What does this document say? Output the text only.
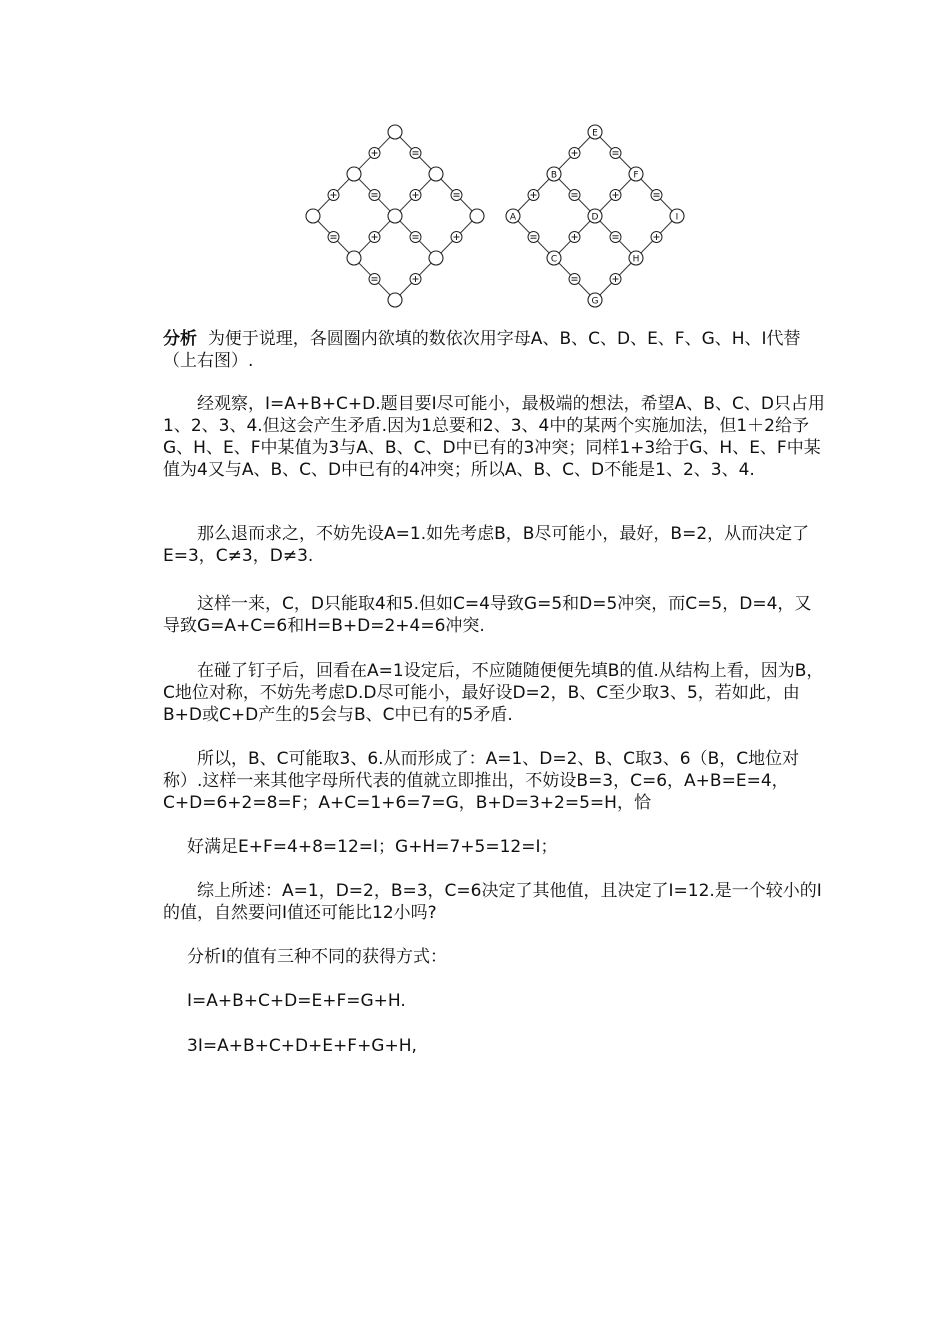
E
B
A
F
D
C
I
H
G

分析 为便于说理，各圆圈内欲填的数依次用字母A、B、C、D、E、F、G、H、I代替（上右图）.

经观察，I=A+B+C+D.题目要I尽可能小，最极端的想法，希望A、B、C、D只占用1、2、3、4.但这会产生矛盾.因为1总要和2、3、4中的某两个实施加法，但1＋2给予G、H、E、F中某值为3与A、B、C、D中已有的3冲突；同样1+3给于G、H、E、F中某值为4又与A、B、C、D中已有的4冲突；所以A、B、C、D不能是1、2、3、4.

那么退而求之，不妨先设A=1.如先考虑B，B尽可能小，最好，B=2，从而决定了E=3，C≠3，D≠3.

这样一来，C，D只能取4和5.但如C=4导致G=5和D=5冲突，而C=5，D=4，又导致G=A+C=6和H=B+D=2+4=6冲突.

在碰了钉子后，回看在A=1设定后，不应随随便便先填B的值.从结构上看，因为B，C地位对称，不妨先考虑D.D尽可能小，最好设D=2，B、C至少取3、5，若如此，由B+D或C+D产生的5会与B、C中已有的5矛盾.

所以，B、C可能取3、6.从而形成了：A=1、D=2、B、C取3、6（B，C地位对称）.这样一来其他字母所代表的值就立即推出，不妨设B=3，C=6，A+B=E=4，C+D=6+2=8=F；A+C=1+6=7=G，B+D=3+2=5=H，恰

好满足E+F=4+8=12=I；G+H=7+5=12=I；

综上所述：A=1，D=2，B=3，C=6决定了其他值，且决定了I=12.是一个较小的I的值，自然要问I值还可能比12小吗?

分析I的值有三种不同的获得方式：

I=A+B+C+D=E+F=G+H.

3I=A+B+C+D+E+F+G+H,
